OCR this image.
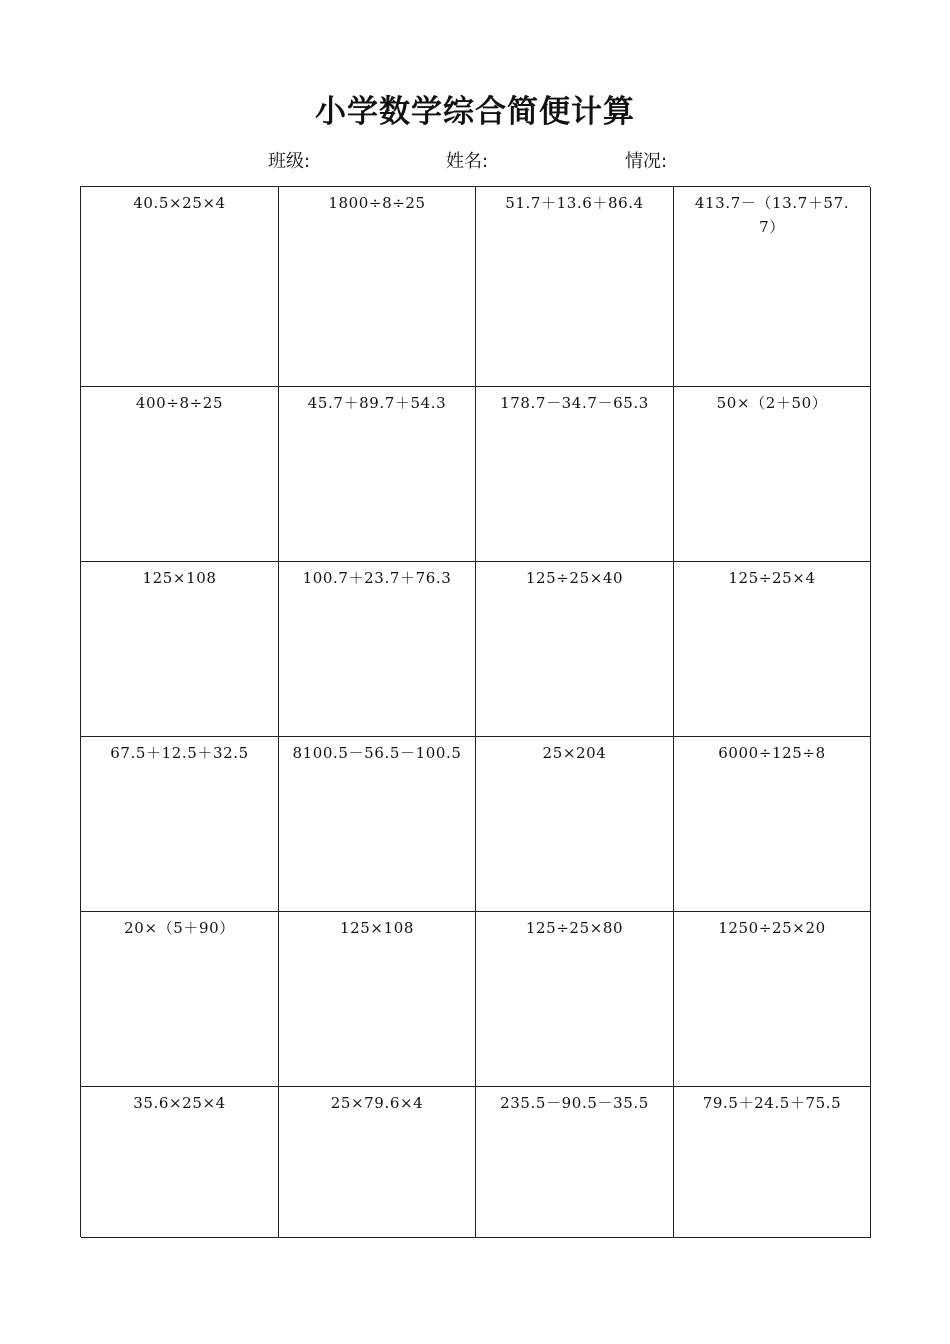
小学数学综合简便计算
班级:	姓名:	情况:
40.5×25×4	1800÷8÷25	51.7＋13.6＋86.4	413.7－（13.7＋57.7）
400÷8÷25	45.7＋89.7＋54.3	178.7－34.7－65.3	50×（2＋50）
125×108	100.7＋23.7＋76.3	125÷25×40	125÷25×4
67.5＋12.5＋32.5	8100.5－56.5－100.5	25×204	6000÷125÷8
20×（5＋90）	125×108	125÷25×80	1250÷25×20
35.6×25×4	25×79.6×4	235.5－90.5－35.5	79.5＋24.5＋75.5
